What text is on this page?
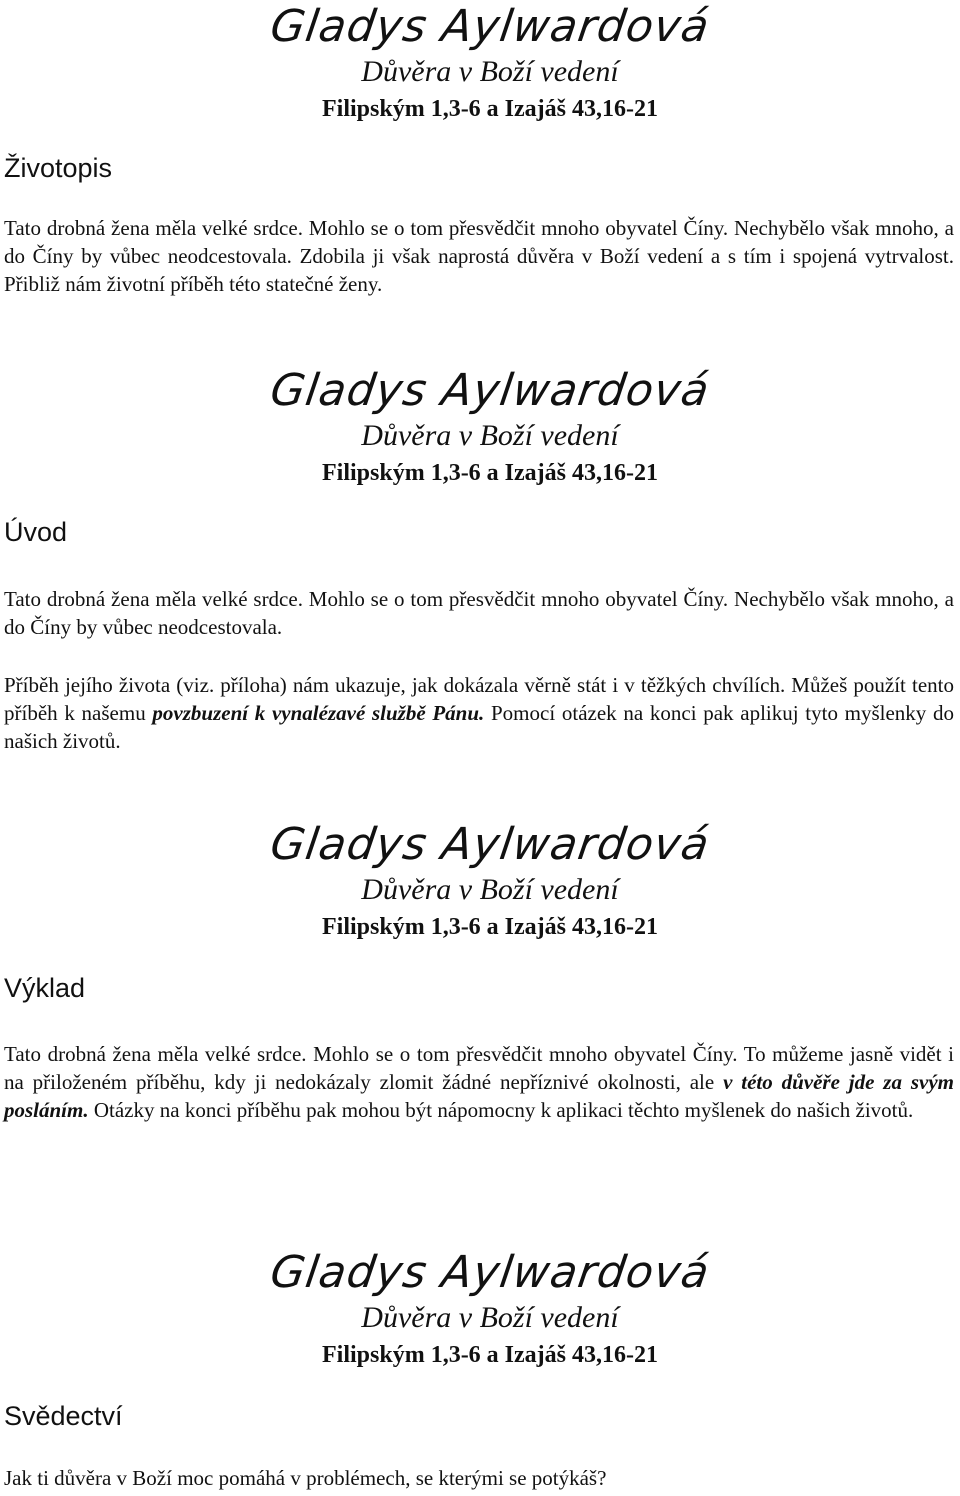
Gladys Aylwardová
Důvěra v Boží vedení
Filipským 1,3-6 a Izajáš 43,16-21
Životopis
Tato drobná žena měla velké srdce. Mohlo se o tom přesvědčit mnoho obyvatel Číny. Nechybělo však mnoho, a do Číny by vůbec neodcestovala. Zdobila ji však naprostá důvěra v Boží vedení a s tím i spojená vytrvalost. Přibliž nám životní příběh této statečné ženy.
Gladys Aylwardová
Důvěra v Boží vedení
Filipským 1,3-6 a Izajáš 43,16-21
Úvod
Tato drobná žena měla velké srdce. Mohlo se o tom přesvědčit mnoho obyvatel Číny. Nechybělo však mnoho, a do Číny by vůbec neodcestovala.
Příběh jejího života (viz. příloha) nám ukazuje, jak dokázala věrně stát i v těžkých chvílích. Můžeš použít tento příběh k našemu povzbuzení k vynalézavé službě Pánu. Pomocí otázek na konci pak aplikuj tyto myšlenky do našich životů.
Gladys Aylwardová
Důvěra v Boží vedení
Filipským 1,3-6 a Izajáš 43,16-21
Výklad
Tato drobná žena měla velké srdce. Mohlo se o tom přesvědčit mnoho obyvatel Číny. To můžeme jasně vidět i na přiloženém příběhu, kdy ji nedokázaly zlomit žádné nepříznivé okolnosti, ale v této důvěře jde za svým posláním. Otázky na konci příběhu pak mohou být nápomocny k aplikaci těchto myšlenek do našich životů.
Gladys Aylwardová
Důvěra v Boží vedení
Filipským 1,3-6 a Izajáš 43,16-21
Svědectví
Jak ti důvěra v Boží moc pomáhá v problémech, se kterými se potýkáš?
